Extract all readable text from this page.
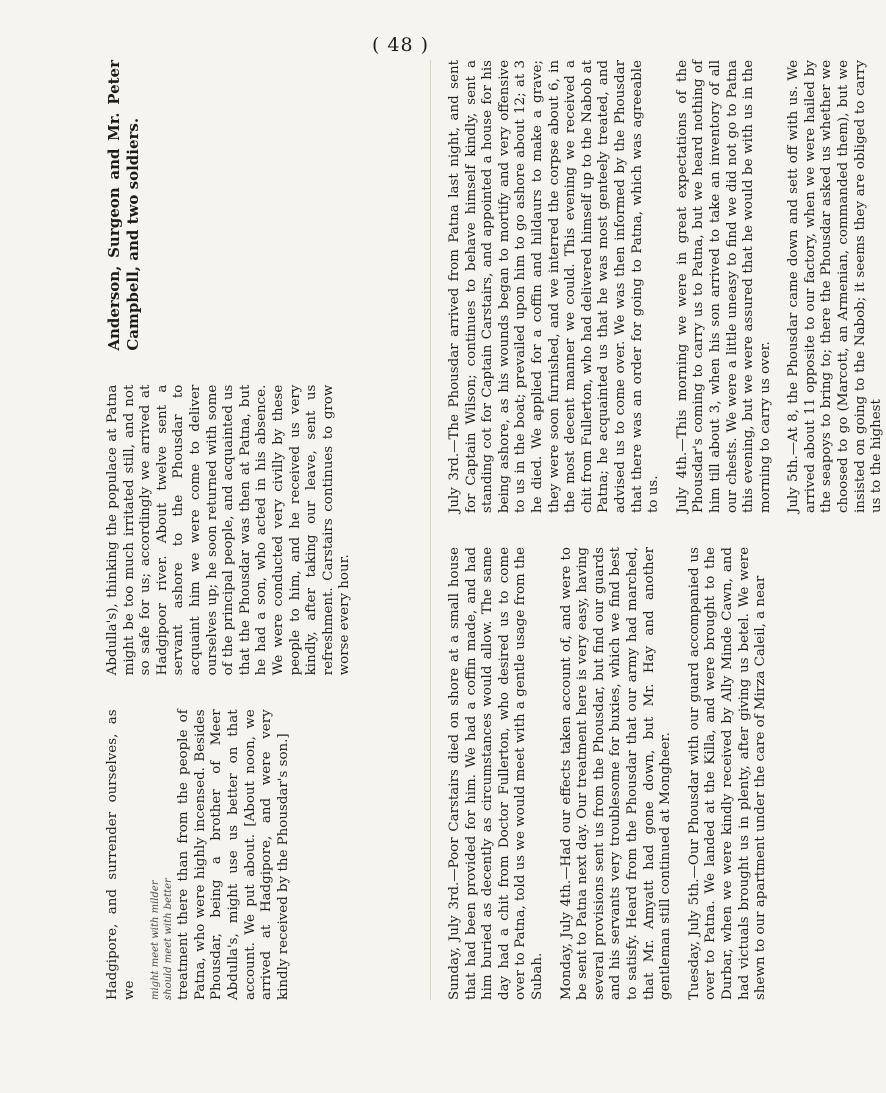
( 48 )

Hadgipore, and surrender ourselves, as we might meet with milder should meet with better treatment there than from the people of Patna, who were highly incensed. Besides Phousdar, being a brother of Meer Abdulla's, might use us better on that account. We put about. [About noon, we arrived at Hadgipore, and were very kindly received by the Phousdar's son.]

Abdulla's), thinking the populace at Patna might be too much irritated still, and not so safe for us; accordingly we arrived at Hadgipoor river. About twelve sent a servant ashore to the Phousdar to acquaint him we were come to deliver ourselves up; he soon returned with some of the principal people, and acquainted us that the Phousdar was then at Patna, but he had a son, who acted in his absence. We were conducted very civilly by these people to him, and he received us very kindly, after taking our leave, sent us refreshment. Carstairs continues to grow worse every hour.

Anderson, Surgeon and Mr. Peter Campbell, and two soldiers.

Sunday, July 3rd.—Poor Carstairs died on shore at a small house that had been provided for him. We had a coffin made, and had him buried as decently as circumstances would allow. The same day had a chit from Doctor Fullerton, who desired us to come over to Patna, told us we would meet with a gentle usage from the Subah. Monday, July 4th.—Had our effects taken account of, and were to be sent to Patna next day. Our treatment here is very easy, having several provisions sent us from the Phousdar, but find our guards and his servants very troublesome for buxies, which we find best to satisfy. Heard from the Phousdar that our army had marched, that Mr. Amyatt had gone down, but Mr. Hay and another gentleman still continued at Mongheer. Tuesday, July 5th.—Our Phousdar with our guard accompanied us over to Patna. We landed at the Killa, and were brought to the Durbar, when we were kindly received by Ally Minde Cawn, and had victuals brought us in plenty, after giving us betel. We were shewn to our apartment under the care of Mirza Caleil, a near

July 3rd.—The Phousdar arrived from Patna last night, and sent for Captain Wilson; continues to behave himself kindly, sent a standing cot for Captain Carstairs, and appointed a house for his being ashore, as his wounds began to mortify and very offensive to us in the boat; prevailed upon him to go ashore about 12; at 3 he died. We applied for a coffin and hildaurs to make a grave; they were soon furnished, and we interred the corpse about 6, in the most decent manner we could. This evening we received a chit from Fullerton, who had delivered himself up to the Nabob at Patna; he acquainted us that he was most genteely treated, and advised us to come over. We was then informed by the Phousdar that there was an order for going to Patna, which was agreeable to us. July 4th.—This morning we were in great expectations of the Phousdar's coming to carry us to Patna, but we heard nothing of him till about 3, when his son arrived to take an inventory of all our chests. We were a little uneasy to find we did not go to Patna this evening, but we were assured that he would be with us in the morning to carry us over. July 5th.—At 8, the Phousdar came down and sett off with us. We arrived about 11 opposite to our factory, when we were hailed by the seapoys to bring to; there the Phousdar asked us whether we choosed to go (Marcott, an Armenian, commanded them), but we insisted on going to the Nabob; it seems they are obliged to carry us to the highest
